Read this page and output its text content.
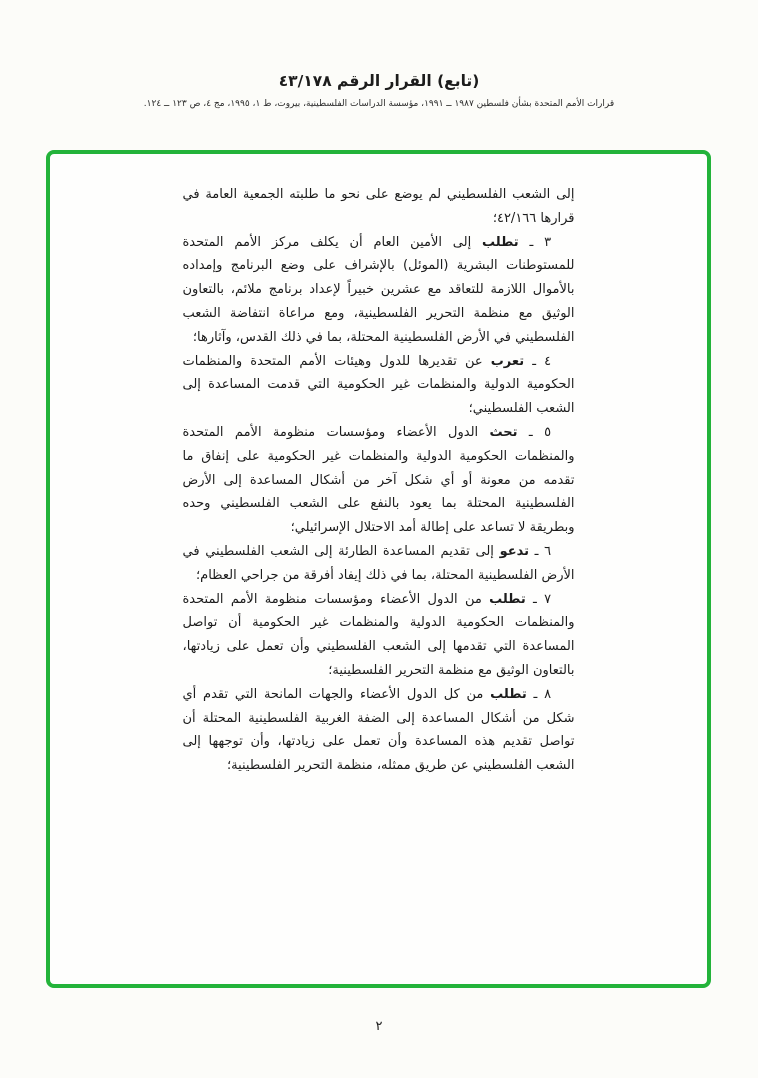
(تابع) القرار الرقم ٤٣/١٧٨
قرارات الأمم المتحدة بشأن فلسطين ١٩٨٧ ــ ١٩٩١، مؤسسة الدراسات الفلسطينية، بيروت، ط ١، ١٩٩٥، مج ٤، ص ١٢٣ ــ ١٢٤.

إلى الشعب الفلسطيني لم يوضع على نحو ما طلبته الجمعية العامة في قرارها ٤٢/١٦٦؛

٣ ـ تطلب إلى الأمين العام أن يكلف مركز الأمم المتحدة للمستوطنات البشرية (الموئل) بالإشراف على وضع البرنامج وإمداده بالأموال اللازمة للتعاقد مع عشرين خبيراً لإعداد برنامج ملائم، بالتعاون الوثيق مع منظمة التحرير الفلسطينية، ومع مراعاة انتفاضة الشعب الفلسطيني في الأرض الفلسطينية المحتلة، بما في ذلك القدس، وآثارها؛

٤ ـ تعرب عن تقديرها للدول وهيئات الأمم المتحدة والمنظمات الحكومية الدولية والمنظمات غير الحكومية التي قدمت المساعدة إلى الشعب الفلسطيني؛

٥ ـ تحث الدول الأعضاء ومؤسسات منظومة الأمم المتحدة والمنظمات الحكومية الدولية والمنظمات غير الحكومية على إنفاق ما تقدمه من معونة أو أي شكل آخر من أشكال المساعدة إلى الأرض الفلسطينية المحتلة بما يعود بالنفع على الشعب الفلسطيني وحده وبطريقة لا تساعد على إطالة أمد الاحتلال الإسرائيلي؛

٦ ـ تدعو إلى تقديم المساعدة الطارئة إلى الشعب الفلسطيني في الأرض الفلسطينية المحتلة، بما في ذلك إيفاد أفرقة من جراحي العظام؛

٧ ـ تطلب من الدول الأعضاء ومؤسسات منظومة الأمم المتحدة والمنظمات الحكومية الدولية والمنظمات غير الحكومية أن تواصل المساعدة التي تقدمها إلى الشعب الفلسطيني وأن تعمل على زيادتها، بالتعاون الوثيق مع منظمة التحرير الفلسطينية؛

٨ ـ تطلب من كل الدول الأعضاء والجهات المانحة التي تقدم أي شكل من أشكال المساعدة إلى الضفة الغربية الفلسطينية المحتلة أن تواصل تقديم هذه المساعدة وأن تعمل على زيادتها، وأن توجهها إلى الشعب الفلسطيني عن طريق ممثله، منظمة التحرير الفلسطينية؛

٢
